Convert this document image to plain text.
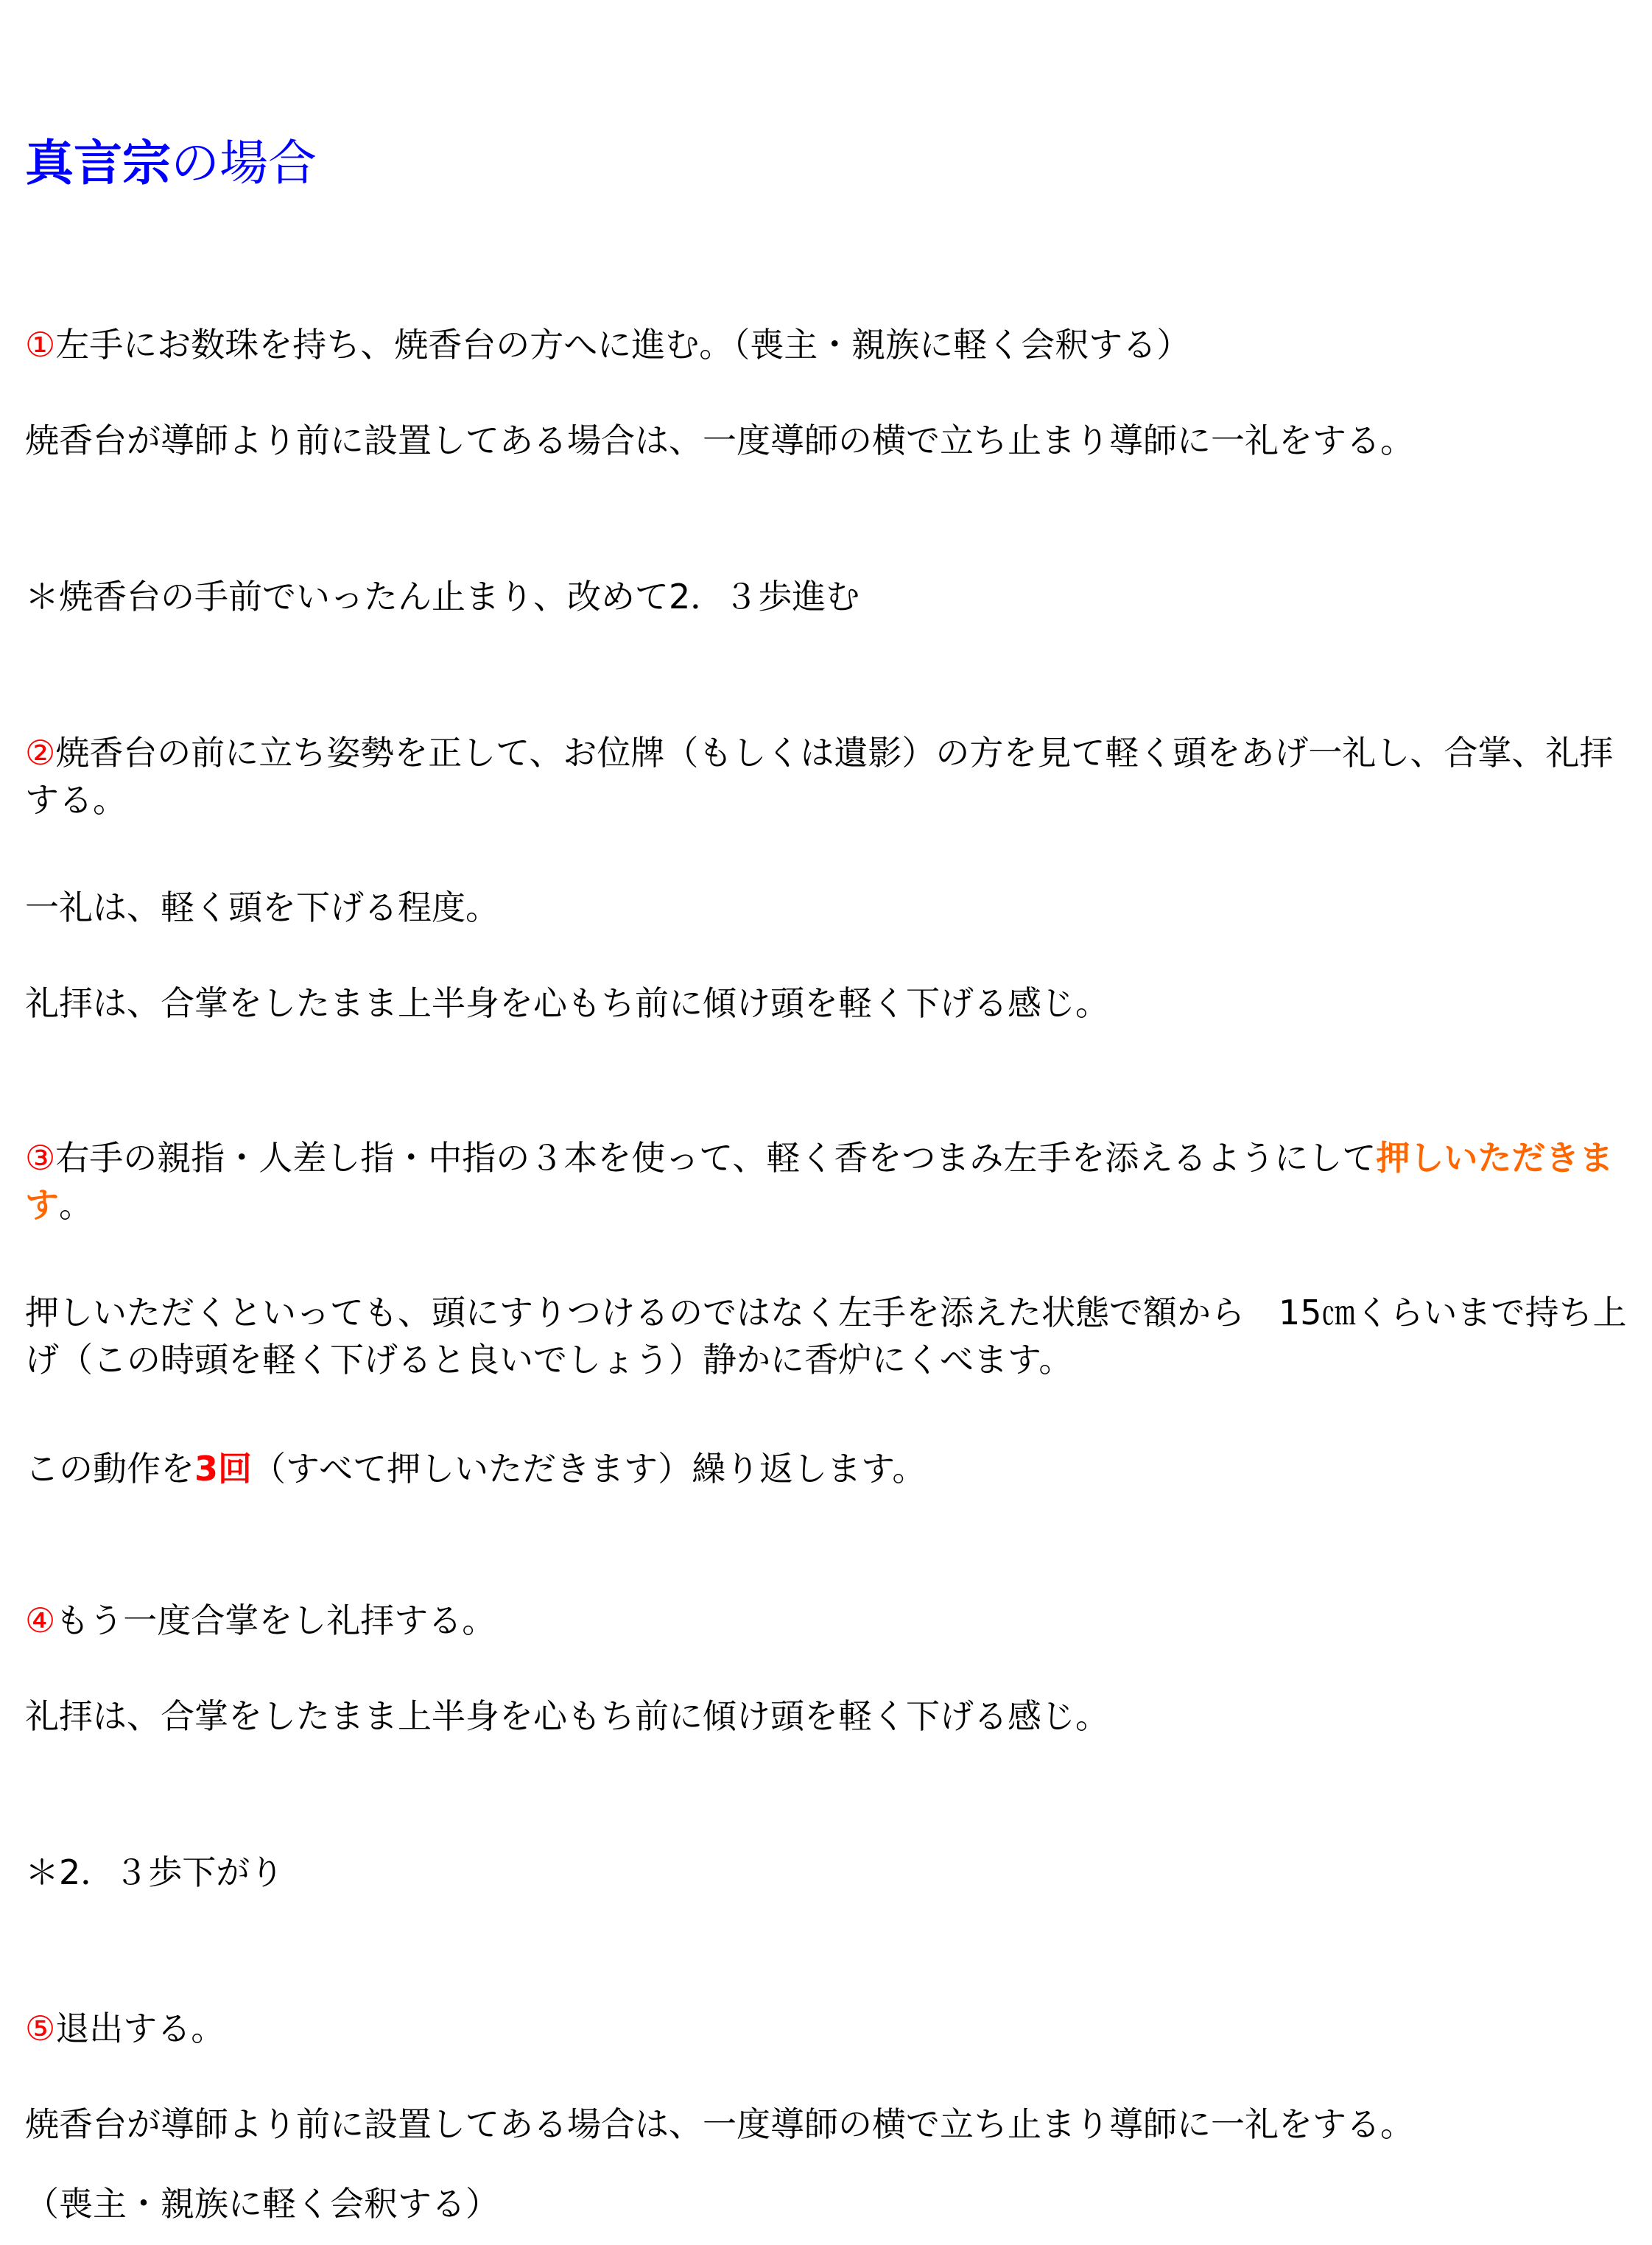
真言宗の場合

①左手にお数珠を持ち、焼香台の方へに進む。（喪主・親族に軽く会釈する）

焼香台が導師より前に設置してある場合は、一度導師の横で立ち止まり導師に一礼をする。

＊焼香台の手前でいったん止まり、改めて2．３歩進む

②焼香台の前に立ち姿勢を正して、お位牌（もしくは遺影）の方を見て軽く頭をあげ一礼し、合掌、礼拝する。

一礼は、軽く頭を下げる程度。

礼拝は、合掌をしたまま上半身を心もち前に傾け頭を軽く下げる感じ。

③右手の親指・人差し指・中指の３本を使って、軽く香をつまみ左手を添えるようにして押しいただきます。

押しいただくといっても、頭にすりつけるのではなく左手を添えた状態で額から　15㎝くらいまで持ち上げ（この時頭を軽く下げると良いでしょう）静かに香炉にくべます。

この動作を3回（すべて押しいただきます）繰り返します。

④もう一度合掌をし礼拝する。

礼拝は、合掌をしたまま上半身を心もち前に傾け頭を軽く下げる感じ。

＊2．３歩下がり

⑤退出する。

焼香台が導師より前に設置してある場合は、一度導師の横で立ち止まり導師に一礼をする。

（喪主・親族に軽く会釈する）
